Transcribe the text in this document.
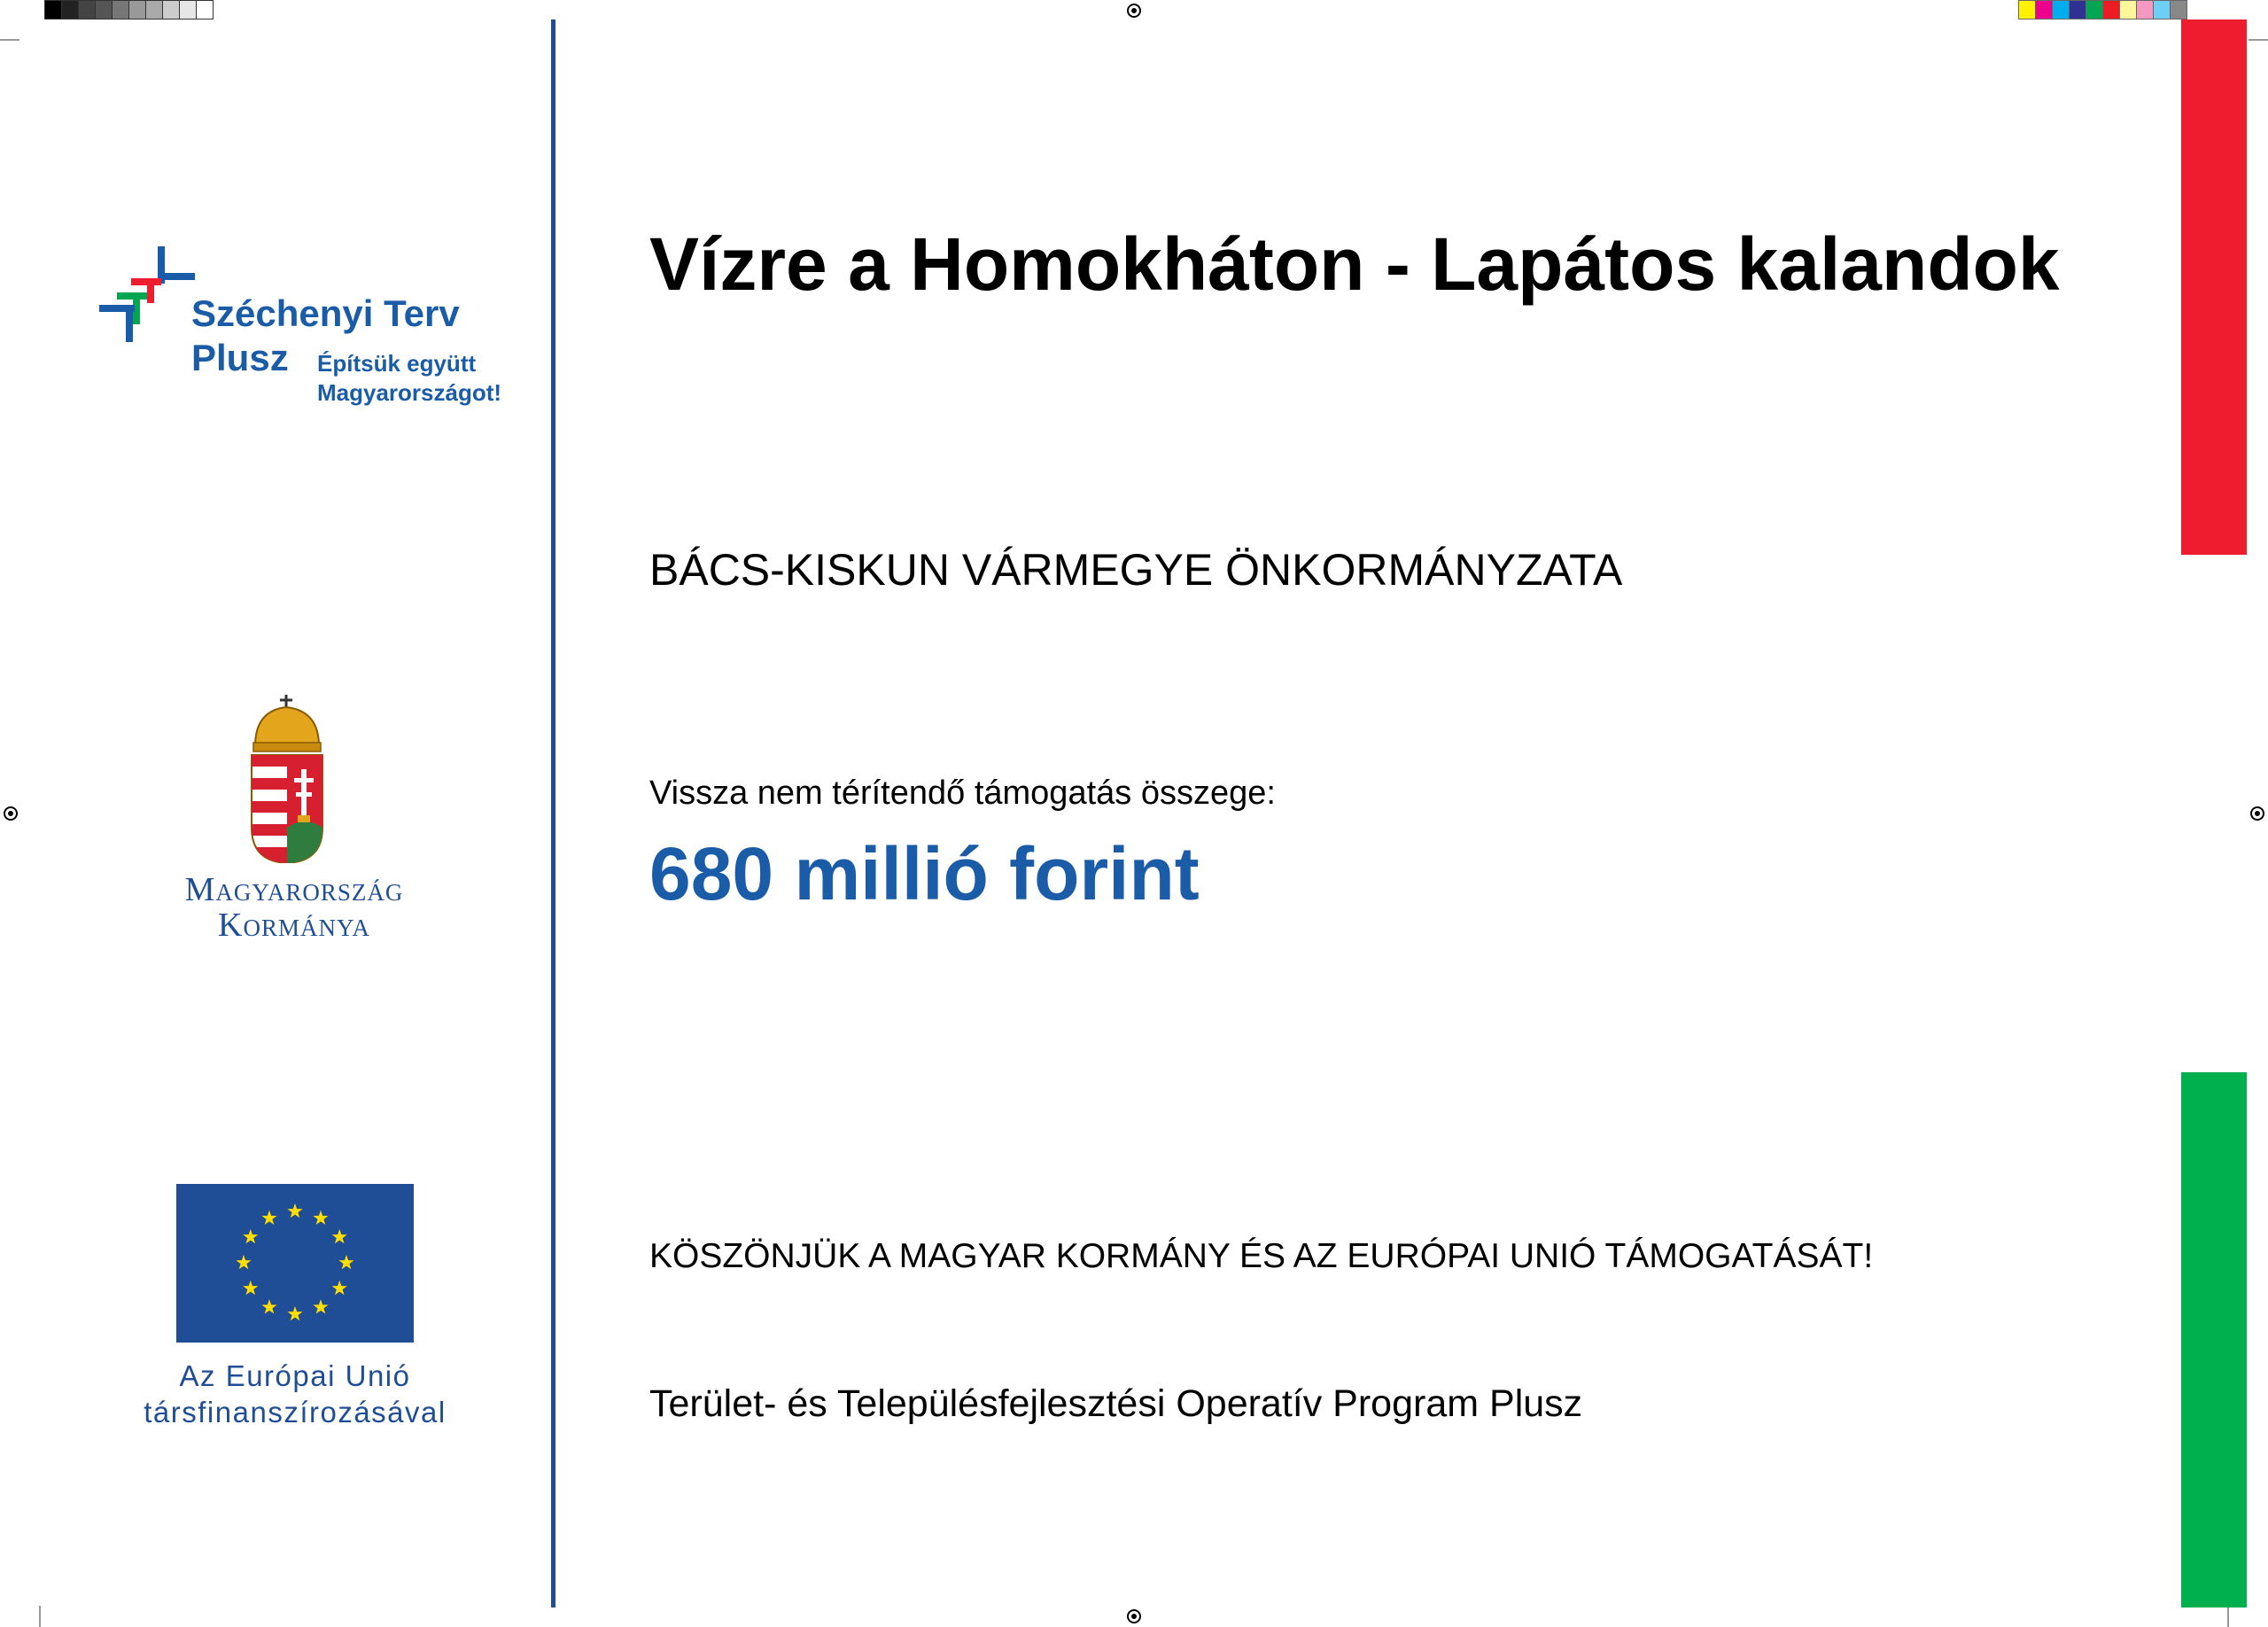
Széchenyi Terv
Plusz Építsük együtt
Magyarországot!
Magyarország
Kormánya
Az Európai Unió
társfinanszírozásával
Vízre a Homokháton - Lapátos kalandok
BÁCS-KISKUN VÁRMEGYE ÖNKORMÁNYZATA
Vissza nem térítendő támogatás összege:
680 millió forint
KÖSZÖNJÜK A MAGYAR KORMÁNY ÉS AZ EURÓPAI UNIÓ TÁMOGATÁSÁT!
Terület- és Településfejlesztési Operatív Program Plusz
